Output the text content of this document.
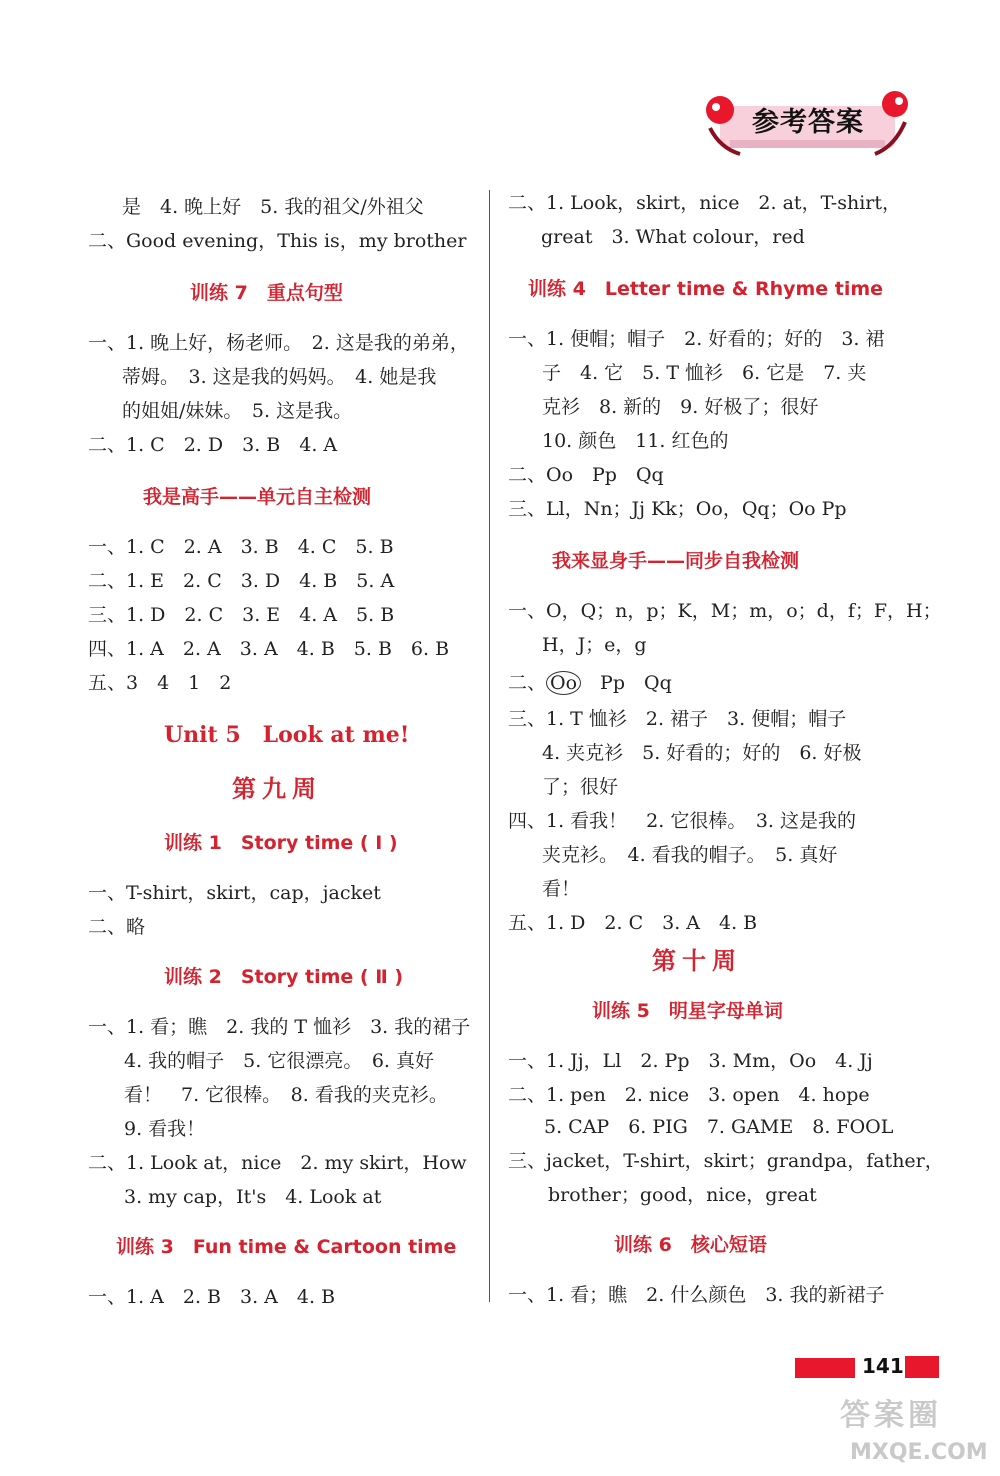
参考答案
是　4. 晚上好　5. 我的祖父/外祖父
二、Good evening，This is，my brother
训练 7　重点句型
一、1. 晚上好，杨老师。　2. 这是我的弟弟，
蒂姆。　3. 这是我的妈妈。　4. 她是我
的姐姐/妹妹。　5. 这是我。
二、1. C　2. D　3. B　4. A
我是高手——单元自主检测
一、1. C　2. A　3. B　4. C　5. B
二、1. E　2. C　3. D　4. B　5. A
三、1. D　2. C　3. E　4. A　5. B
四、1. A　2. A　3. A　4. B　5. B　6. B
五、3　4　1　2
Unit 5　Look at me!
第九周
训练 1　Story time ( Ⅰ )
一、T-shirt，skirt，cap，jacket
二、略
训练 2　Story time ( Ⅱ )
一、1. 看；瞧　2. 我的 T 恤衫　3. 我的裙子
4. 我的帽子　5. 它很漂亮。　6. 真好
看！　7. 它很棒。　8. 看我的夹克衫。
9. 看我！
二、1. Look at，nice　2. my skirt，How
3. my cap，It's　4. Look at
训练 3　Fun time & Cartoon time
一、1. A　2. B　3. A　4. B
二、1. Look，skirt，nice　2. at，T-shirt，
great　3. What colour，red
训练 4　Letter time & Rhyme time
一、1. 便帽；帽子　2. 好看的；好的　3. 裙
子　4. 它　5. T 恤衫　6. 它是　7. 夹
克衫　8. 新的　9. 好极了；很好
10. 颜色　11. 红色的
二、Oo　Pp　Qq
三、Ll，Nn；Jj Kk；Oo，Qq；Oo Pp
我来显身手——同步自我检测
一、O，Q；n，p；K，M；m，o；d，f；F，H；
H，J；e，g
二、 Oo　 Pp　Qq
三、1. T 恤衫　2. 裙子　3. 便帽；帽子
4. 夹克衫　5. 好看的；好的　6. 好极
了；很好
四、1. 看我！　2. 它很棒。　3. 这是我的
夹克衫。　4. 看我的帽子。　5. 真好
看！
五、1. D　2. C　3. A　4. B
第十周
训练 5　明星字母单词
一、1. Jj，Ll　2. Pp　3. Mm，Oo　4. Jj
二、1. pen　2. nice　3. open　4. hope
5. CAP　6. PIG　7. GAME　8. FOOL
三、jacket，T-shirt，skirt；grandpa，father，
brother；good，nice，great
训练 6　核心短语
一、1. 看；瞧　2. 什么颜色　3. 我的新裙子
141
答案圈
MXQE.COM
